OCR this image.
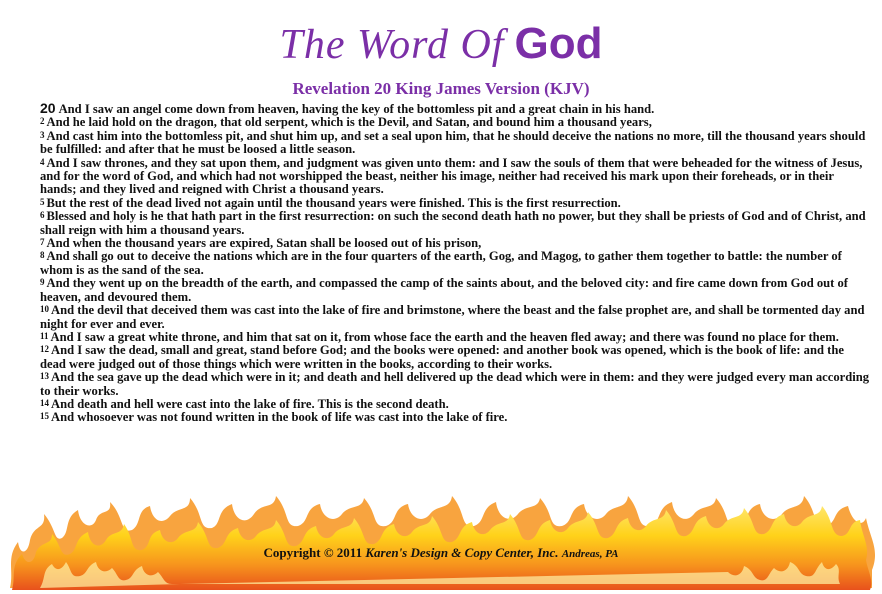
The Word Of God
Revelation 20 King James Version (KJV)

20 And I saw an angel come down from heaven, having the key of the bottomless pit and a great chain in his hand.

$^2$ And he laid hold on the dragon, that old serpent, which is the Devil, and Satan, and bound him a thousand years,

$^3$ And cast him into the bottomless pit, and shut him up, and set a seal upon him, that he should deceive the nations no more, till the thousand years should be fulfilled: and after that he must be loosed a little season.

$^4$ And I saw thrones, and they sat upon them, and judgment was given unto them: and I saw the souls of them that were beheaded for the witness of Jesus, and for the word of God, and which had not worshipped the beast, neither his image, neither had received his mark upon their foreheads, or in their hands; and they lived and reigned with Christ a thousand years.

$^5$ But the rest of the dead lived not again until the thousand years were finished. This is the first resurrection.

$^6$ Blessed and holy is he that hath part in the first resurrection: on such the second death hath no power, but they shall be priests of God and of Christ, and shall reign with him a thousand years.

$^7$ And when the thousand years are expired, Satan shall be loosed out of his prison,

$^8$ And shall go out to deceive the nations which are in the four quarters of the earth, Gog, and Magog, to gather them together to battle: the number of whom is as the sand of the sea.

$^9$ And they went up on the breadth of the earth, and compassed the camp of the saints about, and the beloved city: and fire came down from God out of heaven, and devoured them.

$^{10}$ And the devil that deceived them was cast into the lake of fire and brimstone, where the beast and the false prophet are, and shall be tormented day and night for ever and ever.

$^{11}$ And I saw a great white throne, and him that sat on it, from whose face the earth and the heaven fled away; and there was found no place for them.

$^{12}$ And I saw the dead, small and great, stand before God; and the books were opened: and another book was opened, which is the book of life: and the dead were judged out of those things which were written in the books, according to their works.

$^{13}$ And the sea gave up the dead which were in it; and death and hell delivered up the dead which were in them: and they were judged every man according to their works.

$^{14}$ And death and hell were cast into the lake of fire. This is the second death.

$^{15}$ And whosoever was not found written in the book of life was cast into the lake of fire.

Copyright © 2011 Karen's Design & Copy Center, Inc. Andreas, PA
